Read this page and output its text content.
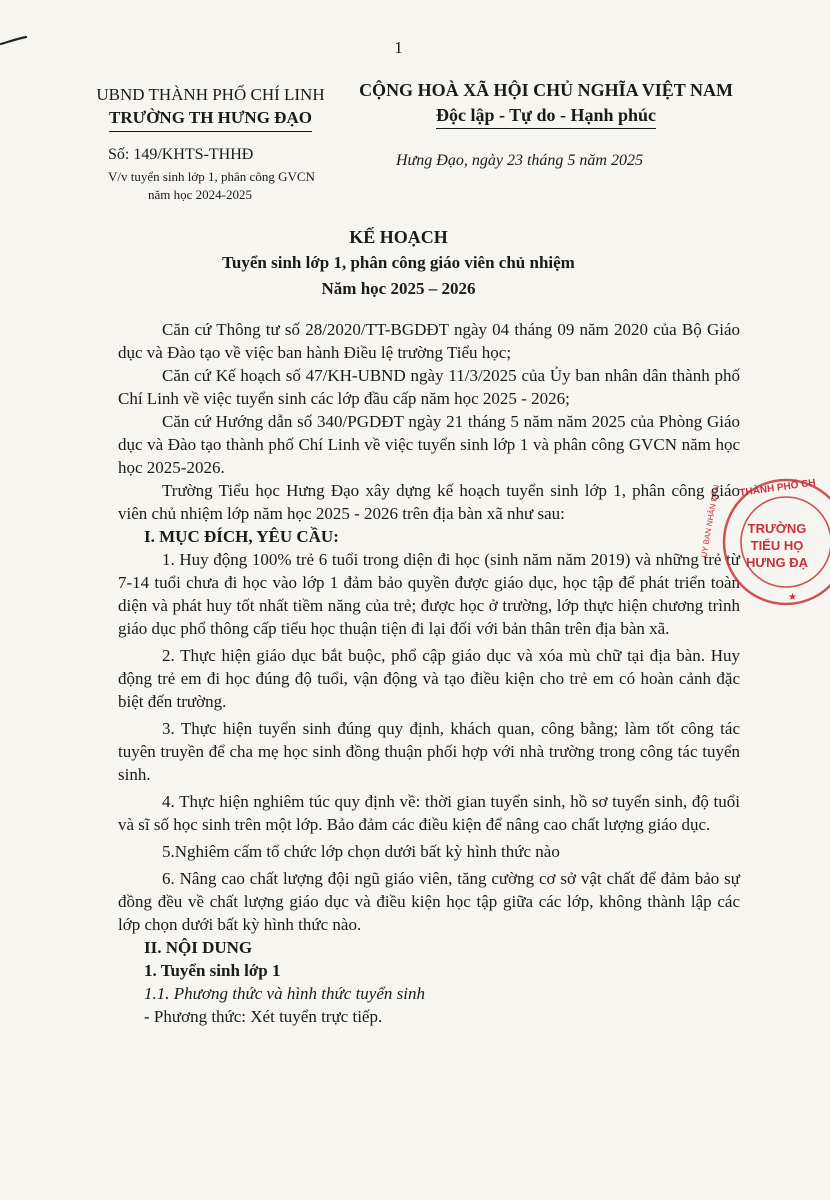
1
UBND THÀNH PHỐ CHÍ LINH
TRƯỜNG TH HƯNG ĐẠO
Số: 149/KHTS-THHĐ
V/v tuyển sinh lớp 1, phân công GVCN
năm học 2024-2025
CỘNG HOÀ XÃ HỘI CHỦ NGHĨA VIỆT NAM
Độc lập - Tự do - Hạnh phúc
Hưng Đạo, ngày 23 tháng 5 năm 2025
KẾ HOẠCH
Tuyển sinh lớp 1, phân công giáo viên chủ nhiệm
Năm học 2025 – 2026

Căn cứ Thông tư số 28/2020/TT-BGDĐT ngày 04 tháng 09 năm 2020 của Bộ Giáo dục và Đào tạo về việc ban hành Điều lệ trường Tiểu học;

Căn cứ Kế hoạch số 47/KH-UBND ngày 11/3/2025 của Ủy ban nhân dân thành phố Chí Linh về việc tuyển sinh các lớp đầu cấp năm học 2025 - 2026;

Căn cứ Hướng dẫn số 340/PGDĐT ngày 21 tháng 5 năm năm 2025 của Phòng Giáo dục và Đào tạo thành phố Chí Linh về việc tuyển sinh lớp 1 và phân công GVCN năm học học 2025-2026.

Trường Tiểu học Hưng Đạo xây dựng kế hoạch tuyển sinh lớp 1, phân công giáo viên chủ nhiệm lớp năm học 2025 - 2026 trên địa bàn xã như sau:

I. MỤC ĐÍCH, YÊU CẦU:

1. Huy động 100% trẻ 6 tuổi trong diện đi học (sinh năm năm 2019) và những trẻ từ 7-14 tuổi chưa đi học vào lớp 1 đảm bảo quyền được giáo dục, học tập để phát triển toàn diện và phát huy tốt nhất tiềm năng của trẻ; được học ở trường, lớp thực hiện chương trình giáo dục phổ thông cấp tiểu học thuận tiện đi lại đối với bản thân trên địa bàn xã.

2. Thực hiện giáo dục bắt buộc, phổ cập giáo dục và xóa mù chữ tại địa bàn. Huy động trẻ em đi học đúng độ tuổi, vận động và tạo điều kiện cho trẻ em có hoàn cảnh đặc biệt đến trường.

3. Thực hiện tuyển sinh đúng quy định, khách quan, công bằng; làm tốt công tác tuyên truyền để cha mẹ học sinh đồng thuận phối hợp với nhà trường trong công tác tuyển sinh.

4. Thực hiện nghiêm túc quy định về: thời gian tuyển sinh, hồ sơ tuyển sinh, độ tuổi và sĩ số học sinh trên một lớp. Bảo đảm các điều kiện để nâng cao chất lượng giáo dục.

5.Nghiêm cấm tổ chức lớp chọn dưới bất kỳ hình thức nào

6. Nâng cao chất lượng đội ngũ giáo viên, tăng cường cơ sở vật chất để đảm bảo sự đồng đều về chất lượng giáo dục và điều kiện học tập giữa các lớp, không thành lập các lớp chọn dưới bất kỳ hình thức nào.

II. NỘI DUNG

1. Tuyển sinh lớp 1

1.1. Phương thức và hình thức tuyển sinh

- Phương thức: Xét tuyển trực tiếp.

THÀNH PHỐ CH
UY BAN NHÂN DÂN
★
TRƯỜNG
TIỂU HỌ
HƯNG ĐẠ
